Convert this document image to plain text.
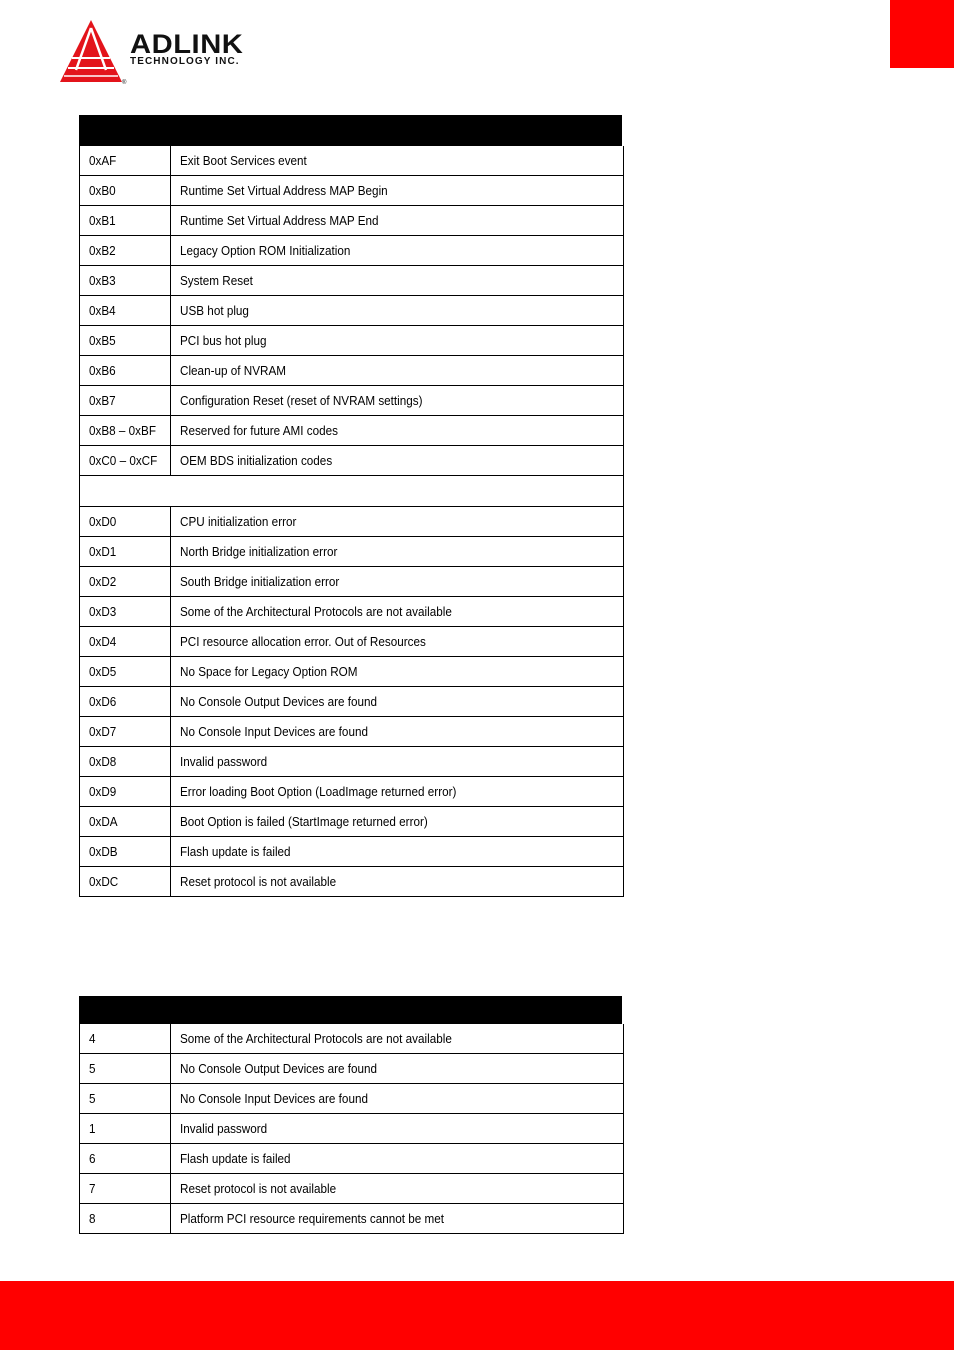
®
ADLINK
TECHNOLOGY INC.

0xAF	Exit Boot Services event
0xB0	Runtime Set Virtual Address MAP Begin
0xB1	Runtime Set Virtual Address MAP End
0xB2	Legacy Option ROM Initialization
0xB3	System Reset
0xB4	USB hot plug
0xB5	PCI bus hot plug
0xB6	Clean-up of NVRAM
0xB7	Configuration Reset (reset of NVRAM settings)
0xB8 – 0xBF	Reserved for future AMI codes
0xC0 – 0xCF	OEM BDS initialization codes

0xD0	CPU initialization error
0xD1	North Bridge initialization error
0xD2	South Bridge initialization error
0xD3	Some of the Architectural Protocols are not available
0xD4	PCI resource allocation error. Out of Resources
0xD5	No Space for Legacy Option ROM
0xD6	No Console Output Devices are found
0xD7	No Console Input Devices are found
0xD8	Invalid password
0xD9	Error loading Boot Option (LoadImage returned error)
0xDA	Boot Option is failed (StartImage returned error)
0xDB	Flash update is failed
0xDC	Reset protocol is not available

4	Some of the Architectural Protocols are not available
5	No Console Output Devices are found
5	No Console Input Devices are found
1	Invalid password
6	Flash update is failed
7	Reset protocol is not available
8	Platform PCI resource requirements cannot be met
